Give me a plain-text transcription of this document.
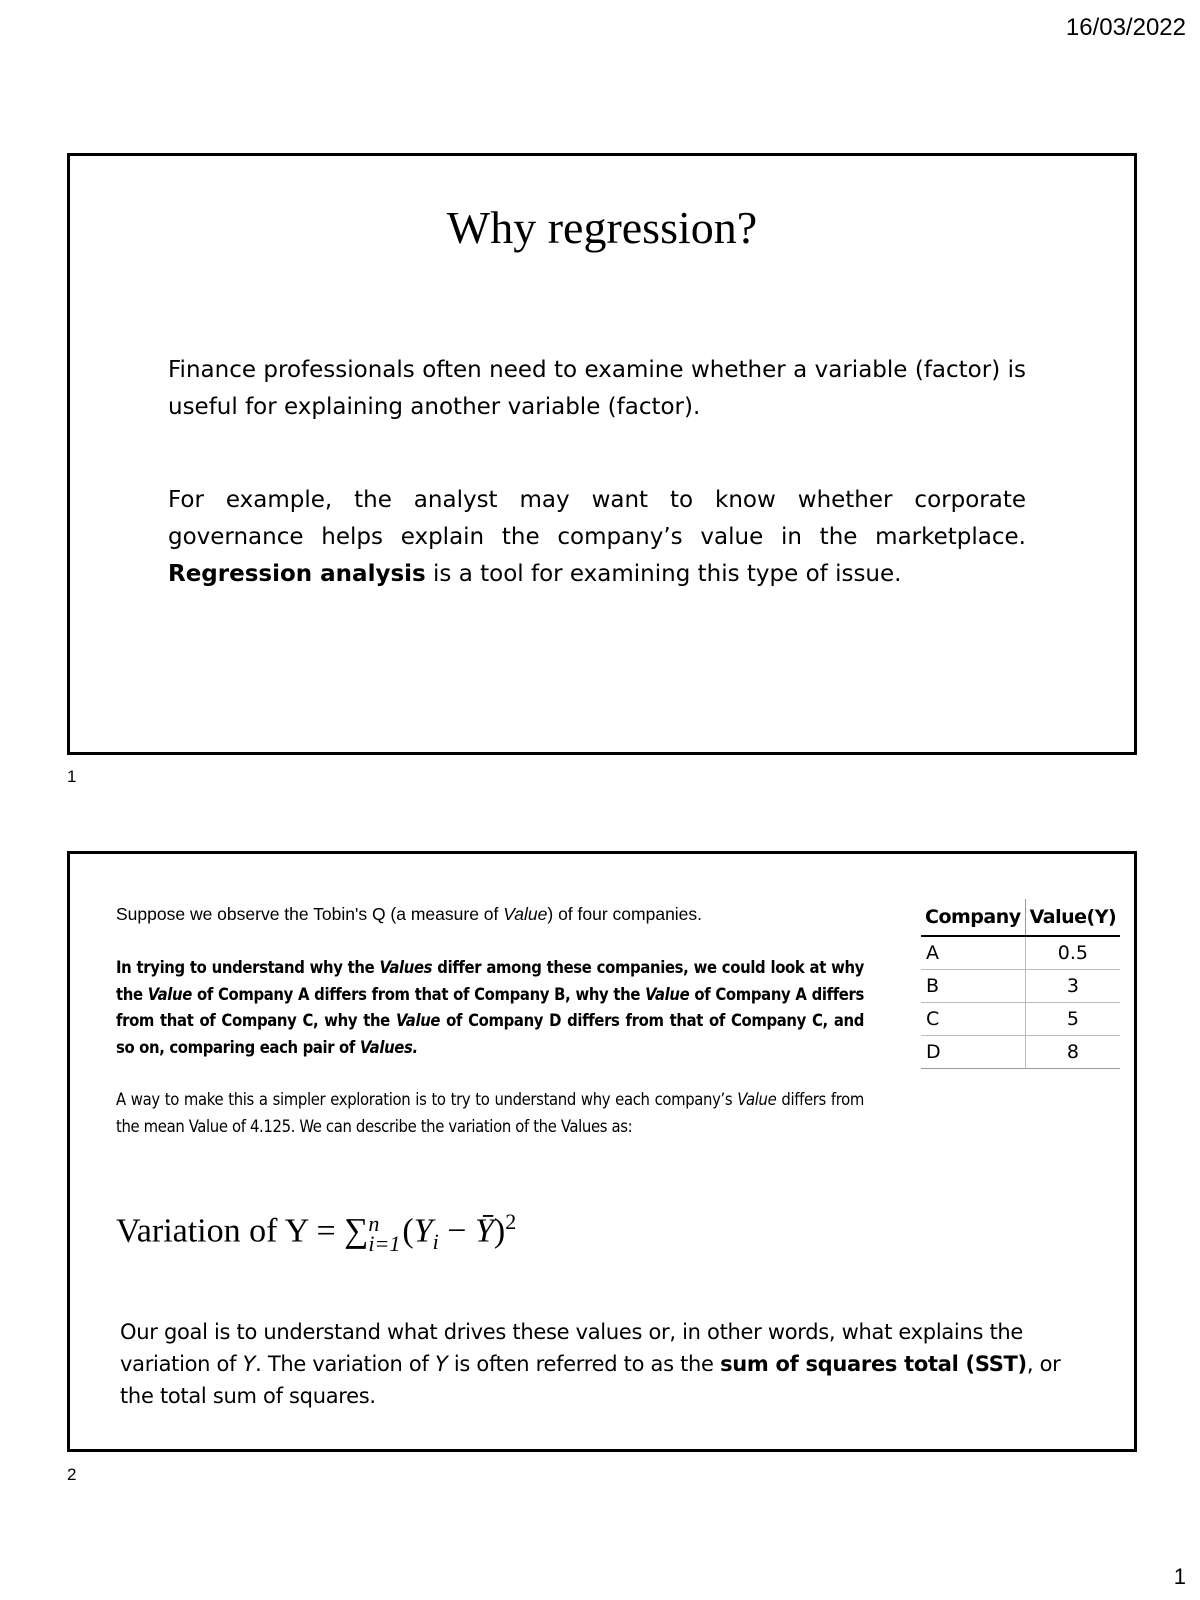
16/03/2022
Why regression?
Finance professionals often need to examine whether a variable (factor) is useful for explaining another variable (factor).
For example, the analyst may want to know whether corporate governance helps explain the company’s value in the marketplace. Regression analysis is a tool for examining this type of issue.
1
Suppose we observe the Tobin's Q (a measure of Value) of four companies.
In trying to understand why the Values differ among these companies, we could look at why the Value of Company A differs from that of Company B, why the Value of Company A differs from that of Company C, why the Value of Company D differs from that of Company C, and so on, comparing each pair of Values.
A way to make this a simpler exploration is to try to understand why each company’s Value differs from the mean Value of 4.125. We can describe the variation of the Values as:
Company	Value(Y)
A	0.5
B	3
C	5
D	8
Variation of Y = ∑ n
i=1 ($Y_i$ − Ȳ)$^2$
Our goal is to understand what drives these values or, in other words, what explains the variation of Y. The variation of Y is often referred to as the sum of squares total (SST), or the total sum of squares.
2
1
